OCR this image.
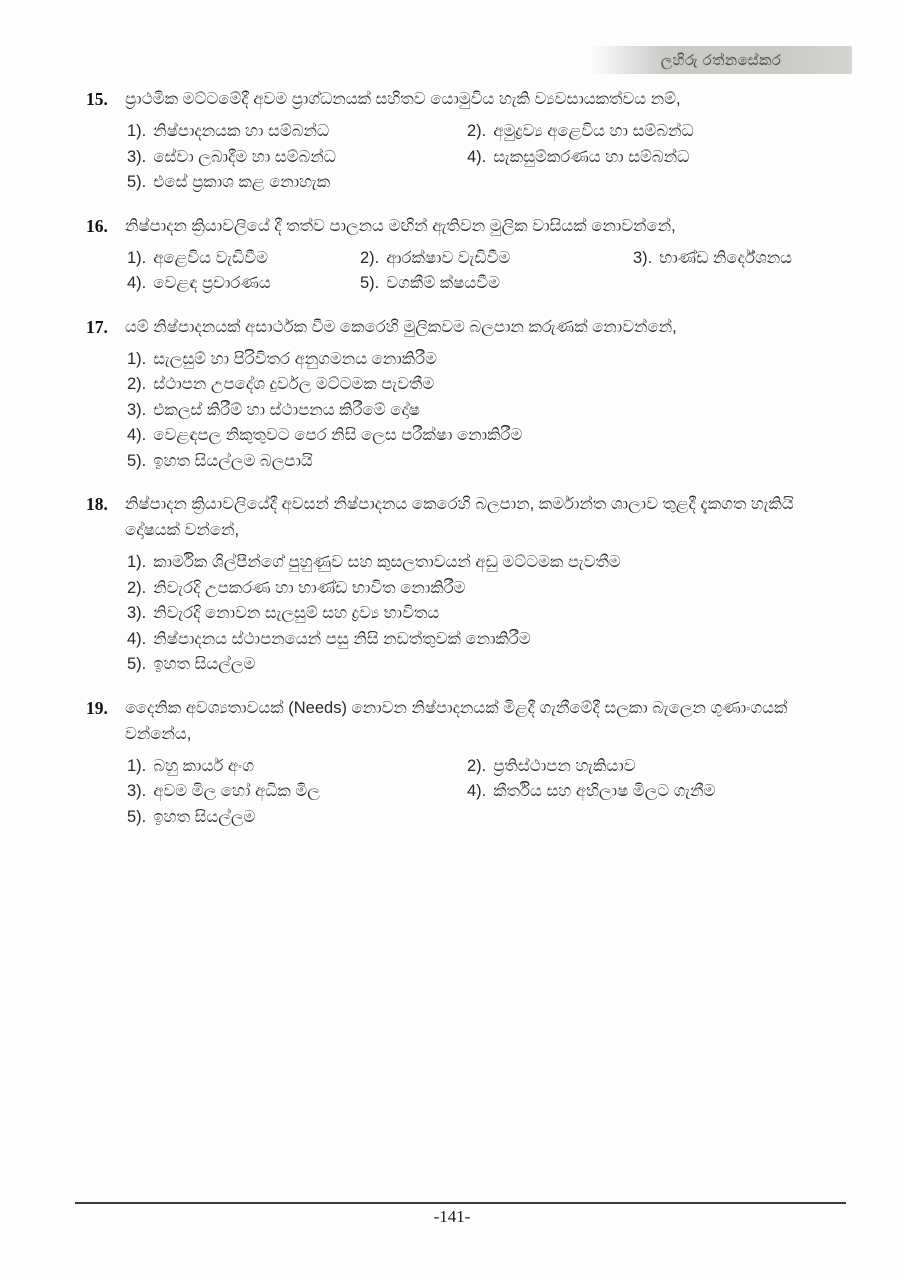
ලහිරු රත්නසේකර
15.	ප්‍රාථමික මට්ටමේදී අවම ප්‍රාග්ධනයක් සහිතව යොමුවිය හැකි ව්‍යවසායකත්වය නම්,
1). නිෂ්පාදනයක හා සම්බන්ධ	2). අමුද්‍රව්‍ය අළෙවිය හා සම්බන්ධ
3). සේවා ලබාදීම හා සම්බන්ධ	4). සැකසුම්කරණය හා සම්බන්ධ
5). එසේ ප්‍රකාශ කළ නොහැක
16.	නිෂ්පාදන ක්‍රියාවලියේ දී තත්ව පාලනය මඟින් ඇතිවන මුලික වාසියක් නොවන්නේ,
1). අළෙවිය වැඩිවීම	2). ආරක්ෂාව වැඩිවීම	3). භාණ්ඩ නිර්දේශනය
4). වෙළඳ ප්‍රචාරණය	5). වගකීම් ක්ෂයවීම
17.	යම් නිෂ්පාදනයක් අසාර්ථක වීම කෙරෙහි මුලිකවම බලපාන කරුණක් නොවන්නේ,
1). සැලසුම් හා පිරිවිතර අනුගමනය නොකිරීම
2). ස්ථාපන උපදේශ දුර්වල මට්ටමක පැවතීම
3). එකලස් කිරීම් හා ස්ථාපනය කිරීමේ දෝෂ
4). වෙළඳපල නිකුතුවට පෙර නිසි ලෙස පරීක්ෂා නොකිරීම
5). ඉහත සියල්ලම බලපායි
18.	නිෂ්පාදන ක්‍රියාවලියේදී අවසන් නිෂ්පාදනය කෙරෙහි බලපාන, කර්මාන්ත ශාලාව තුළදී දැකගත හැකියි දෝෂයක් වන්නේ,
1). කාර්මික ශිල්පීන්ගේ පුහුණුව සහ කුසලතාවයන් අඩු මට්ටමක පැවතීම
2). නිවැරදි උපකරණ හා භාණ්ඩ භාවිත නොකිරීම
3). නිවැරදි නොවන සැලසුම් සහ ද්‍රව්‍ය භාවිතය
4). නිෂ්පාදනය ස්ථාපනයෙන් පසු නිසි නඩත්තුවක් නොකිරීම
5). ඉහත සියල්ලම
19.	දෛනික අවශ්‍යතාවයක් (Needs) නොවන නිෂ්පාදනයක් මිළදී ගැනීමේදී සලකා බැලෙන ගුණාංගයක් වන්නේය,
1). බහු කාර්ය අංග	2). ප්‍රතිස්ථාපන හැකියාව
3). අවම මිල හෝ අධික මිල	4). කීර්තිය සහ අභිලාෂ මිලට ගැනීම
5). ඉහත සියල්ලම
-141-
